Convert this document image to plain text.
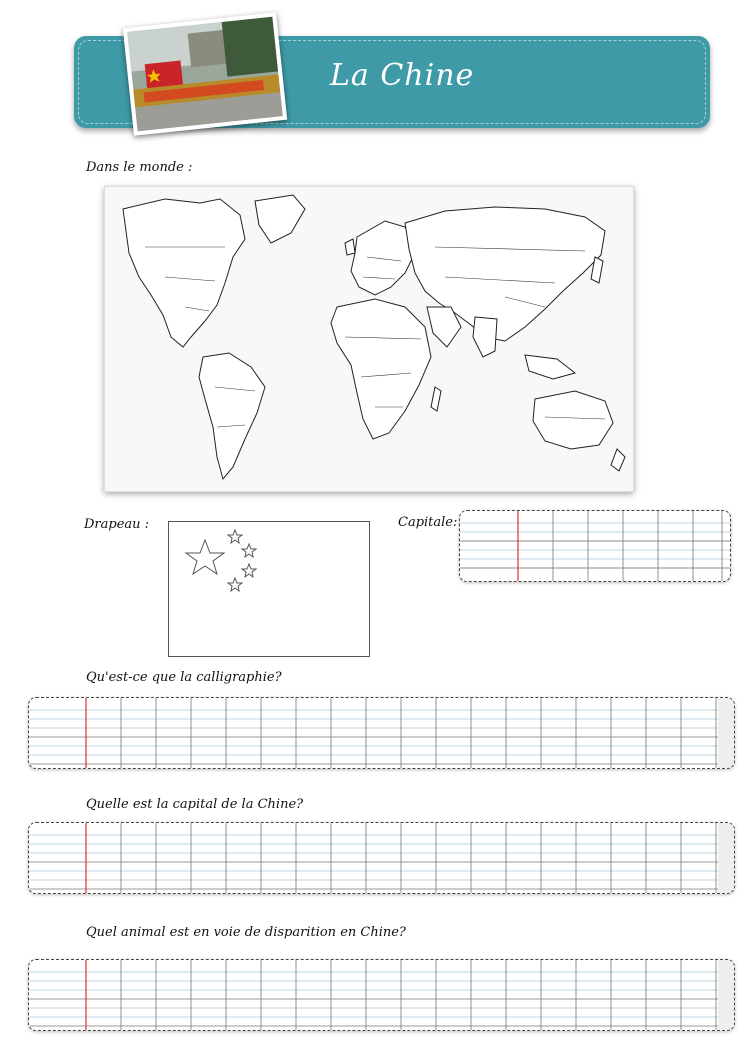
La Chine
Dans le monde :
Drapeau :	Capitale:
Qu'est-ce que la calligraphie?
Quelle est la capital de la Chine?
Quel animal est en voie de disparition en Chine?
